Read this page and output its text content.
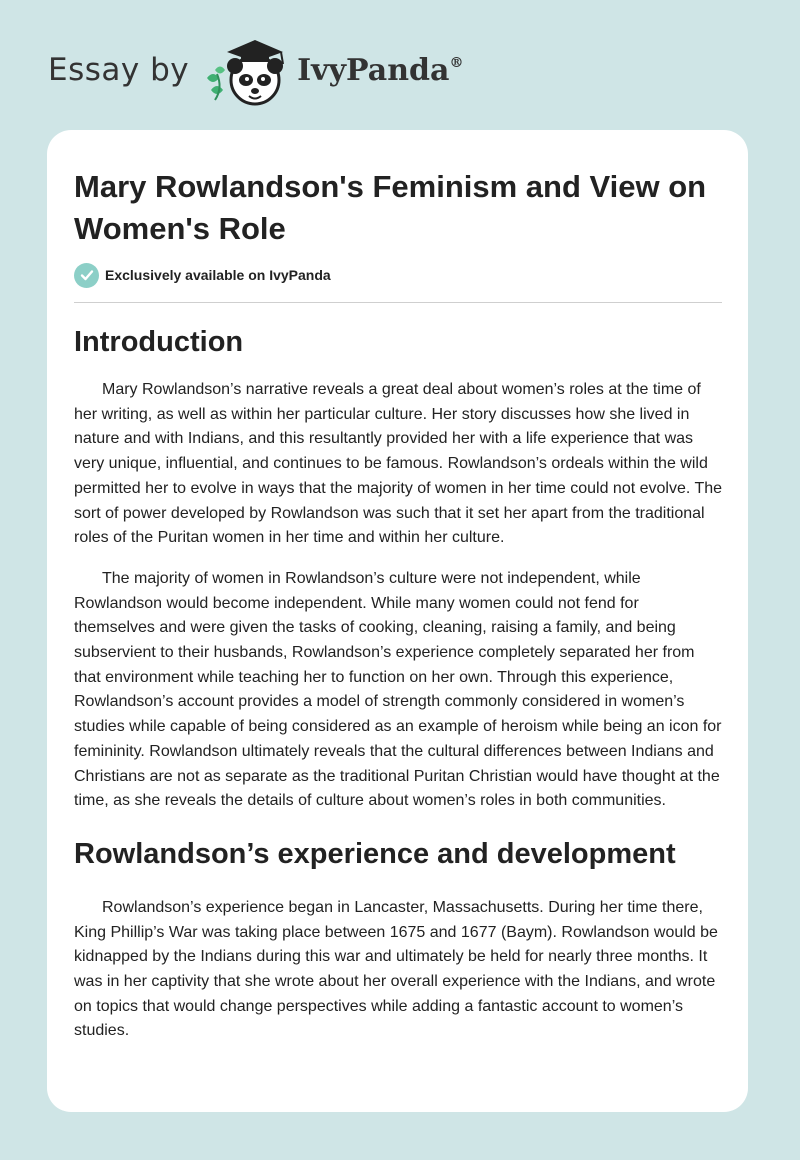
Essay by	IvyPanda®
Mary Rowlandson's Feminism and View on Women's Role
Exclusively available on IvyPanda
Introduction

Mary Rowlandson’s narrative reveals a great deal about women’s roles at the time of her writing, as well as within her particular culture. Her story discusses how she lived in nature and with Indians, and this resultantly provided her with a life experience that was very unique, influential, and continues to be famous. Rowlandson’s ordeals within the wild permitted her to evolve in ways that the majority of women in her time could not evolve. The sort of power developed by Rowlandson was such that it set her apart from the traditional roles of the Puritan women in her time and within her culture.

The majority of women in Rowlandson’s culture were not independent, while Rowlandson would become independent. While many women could not fend for themselves and were given the tasks of cooking, cleaning, raising a family, and being subservient to their husbands, Rowlandson’s experience completely separated her from that environment while teaching her to function on her own. Through this experience, Rowlandson’s account provides a model of strength commonly considered in women’s studies while capable of being considered as an example of heroism while being an icon for femininity. Rowlandson ultimately reveals that the cultural differences between Indians and Christians are not as separate as the traditional Puritan Christian would have thought at the time, as she reveals the details of culture about women’s roles in both communities.

Rowlandson’s experience and development

Rowlandson’s experience began in Lancaster, Massachusetts. During her time there, King Phillip’s War was taking place between 1675 and 1677 (Baym). Rowlandson would be kidnapped by the Indians during this war and ultimately be held for nearly three months. It was in her captivity that she wrote about her overall experience with the Indians, and wrote on topics that would change perspectives while adding a fantastic account to women’s studies.
